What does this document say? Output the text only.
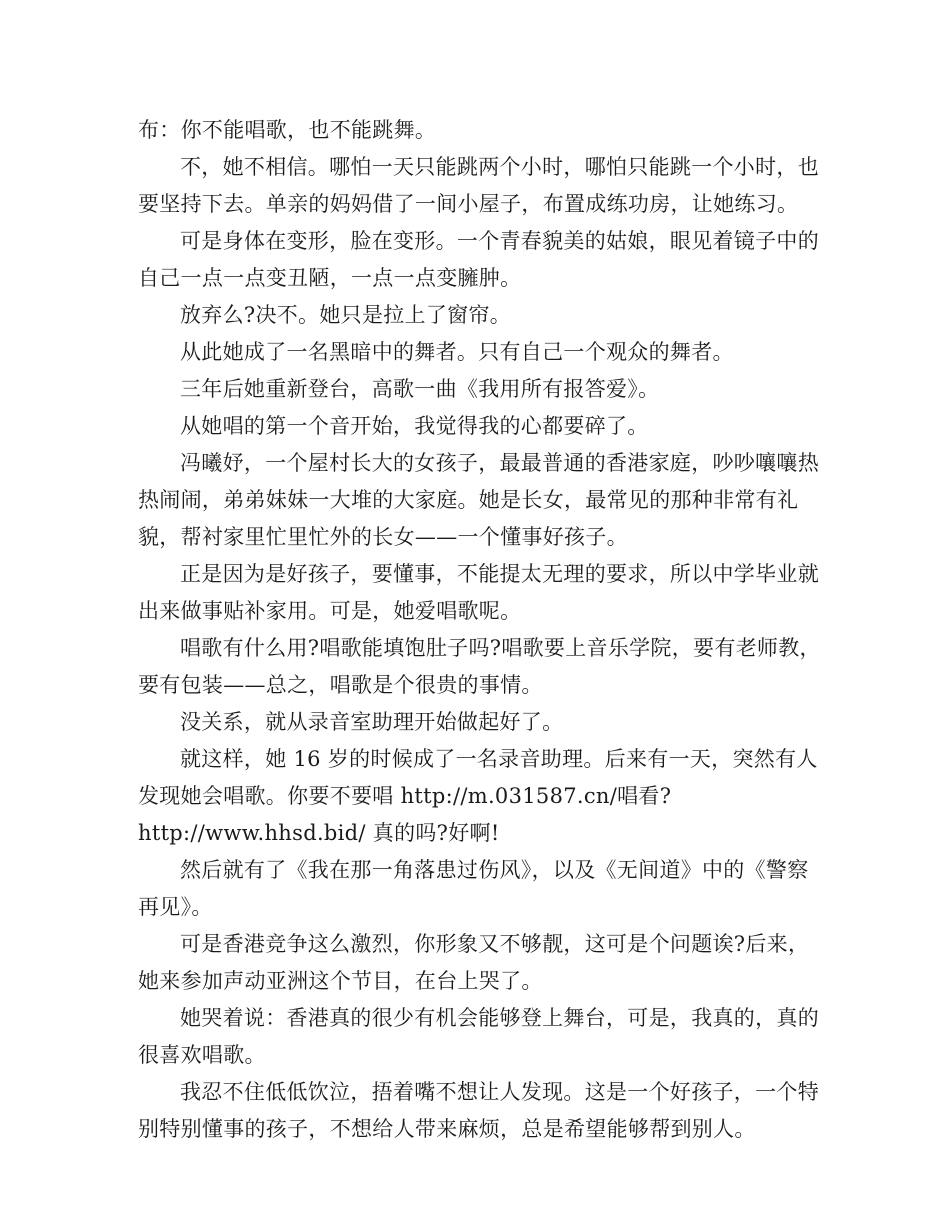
布：你不能唱歌，也不能跳舞。

不，她不相信。哪怕一天只能跳两个小时，哪怕只能跳一个小时，也要坚持下去。单亲的妈妈借了一间小屋子，布置成练功房，让她练习。

可是身体在变形，脸在变形。一个青春貌美的姑娘，眼见着镜子中的自己一点一点变丑陋，一点一点变臃肿。

放弃么?决不。她只是拉上了窗帘。

从此她成了一名黑暗中的舞者。只有自己一个观众的舞者。

三年后她重新登台，高歌一曲《我用所有报答爱》。

从她唱的第一个音开始，我觉得我的心都要碎了。

冯曦妤，一个屋村长大的女孩子，最最普通的香港家庭，吵吵嚷嚷热热闹闹，弟弟妹妹一大堆的大家庭。她是长女，最常见的那种非常有礼貌，帮衬家里忙里忙外的长女——一个懂事好孩子。

正是因为是好孩子，要懂事，不能提太无理的要求，所以中学毕业就出来做事贴补家用。可是，她爱唱歌呢。

唱歌有什么用?唱歌能填饱肚子吗?唱歌要上音乐学院，要有老师教，要有包装——总之，唱歌是个很贵的事情。

没关系，就从录音室助理开始做起好了。

就这样，她 16 岁的时候成了一名录音助理。后来有一天，突然有人发现她会唱歌。你要不要唱 http://m.031587.cn/唱看?

http://www.hhsd.bid/ 真的吗?好啊!

然后就有了《我在那一角落患过伤风》，以及《无间道》中的《警察再见》。

可是香港竞争这么激烈，你形象又不够靓，这可是个问题诶?后来，她来参加声动亚洲这个节目，在台上哭了。

她哭着说：香港真的很少有机会能够登上舞台，可是，我真的，真的很喜欢唱歌。

我忍不住低低饮泣，捂着嘴不想让人发现。这是一个好孩子，一个特别特别懂事的孩子，不想给人带来麻烦，总是希望能够帮到别人。
